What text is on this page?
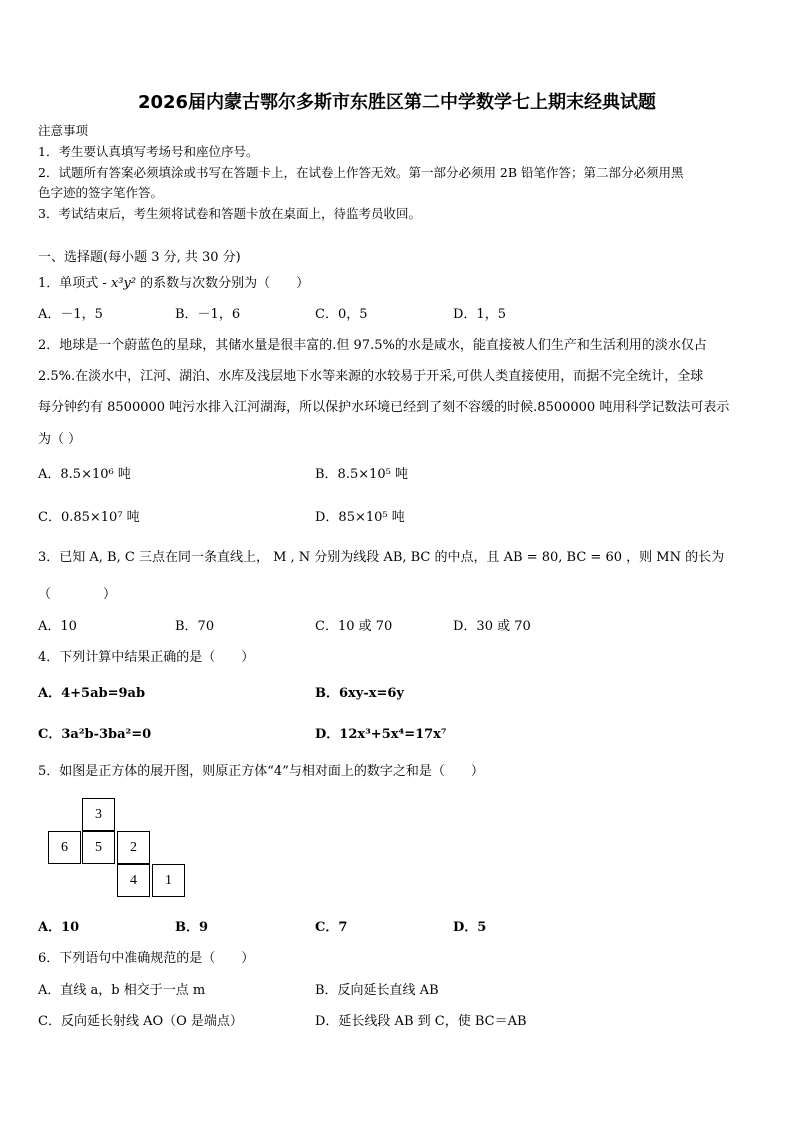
2026届内蒙古鄂尔多斯市东胜区第二中学数学七上期末经典试题
注意事项
1．考生要认真填写考场号和座位序号。
2．试题所有答案必须填涂或书写在答题卡上，在试卷上作答无效。第一部分必须用 2B 铅笔作答；第二部分必须用黑
色字迹的签字笔作答。
3．考试结束后，考生须将试卷和答题卡放在桌面上，待监考员收回。
一、选择题(每小题 3 分, 共 30 分)
1．单项式 - x³y² 的系数与次数分别为（　　）
A．－1，5	B．－1，6	C．0，5	D．1，5
2．地球是一个蔚蓝色的星球，其储水量是很丰富的.但 97.5%的水是咸水，能直接被人们生产和生活利用的淡水仅占
2.5%.在淡水中，江河、湖泊、水库及浅层地下水等来源的水较易于开采,可供人类直接使用，而据不完全统计，全球
每分钟约有 8500000 吨污水排入江河湖海，所以保护水环境已经到了刻不容缓的时候.8500000 吨用科学记数法可表示
为（ ）
A．8.5×10⁶ 吨	B．8.5×10⁵ 吨
C．0.85×10⁷ 吨	D．85×10⁵ 吨
3．已知 A, B, C 三点在同一条直线上， M , N 分别为线段 AB, BC 的中点，且 AB = 80, BC = 60 ，则 MN 的长为
（　　　　）
A．10	B．70	C．10 或 70	D．30 或 70
4．下列计算中结果正确的是（　　）
A．4+5ab=9ab	B．6xy-x=6y
C．3a²b-3ba²=0	D．12x³+5x⁴=17x⁷
5．如图是正方体的展开图，则原正方体“4”与相对面上的数字之和是（　　）
3
6	5	2
4	1
A．10	B．9	C．7	D．5
6．下列语句中准确规范的是（　　）
A．直线 a，b 相交于一点 m	B．反向延长直线 AB
C．反向延长射线 AO（O 是端点）	D．延长线段 AB 到 C，使 BC＝AB
